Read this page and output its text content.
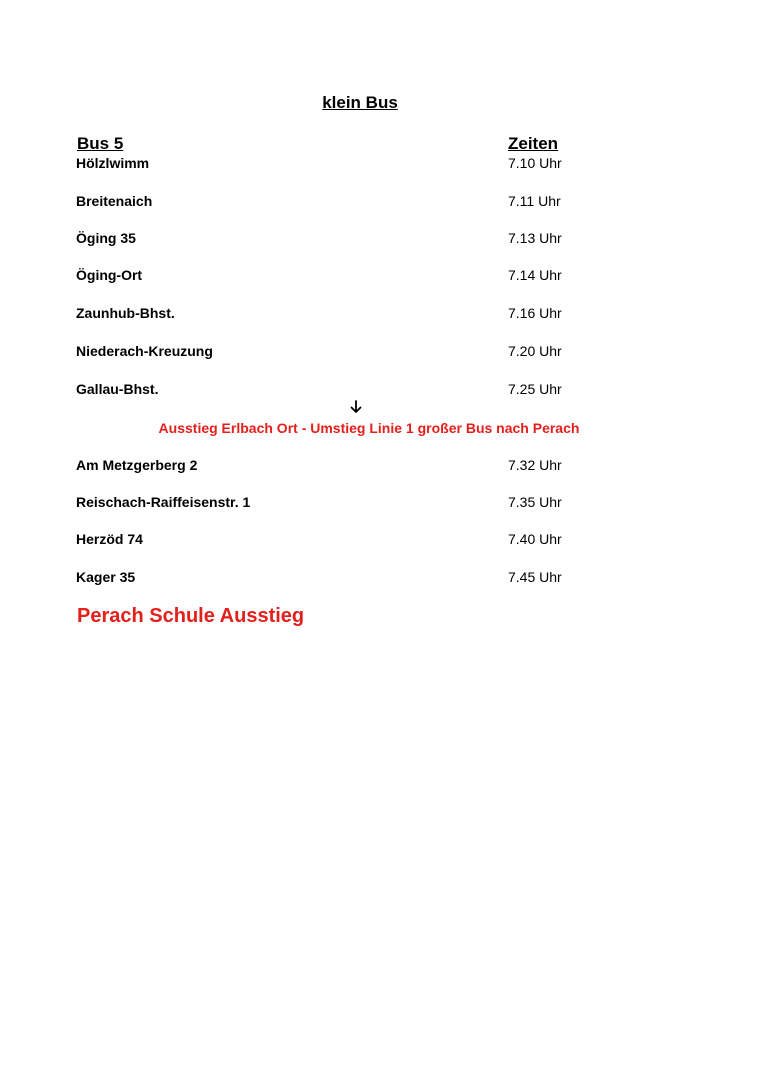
klein Bus
Bus 5	Zeiten
Hölzlwimm	7.10 Uhr
Breitenaich	7.11 Uhr
Öging 35	7.13 Uhr
Öging-Ort	7.14 Uhr
Zaunhub-Bhst.	7.16 Uhr
Niederach-Kreuzung	7.20 Uhr
Gallau-Bhst.	7.25 Uhr
Ausstieg Erlbach Ort - Umstieg Linie 1 großer Bus nach Perach
Am Metzgerberg 2	7.32 Uhr
Reischach-Raiffeisenstr. 1	7.35 Uhr
Herzöd 74	7.40 Uhr
Kager 35	7.45 Uhr
Perach Schule Ausstieg
